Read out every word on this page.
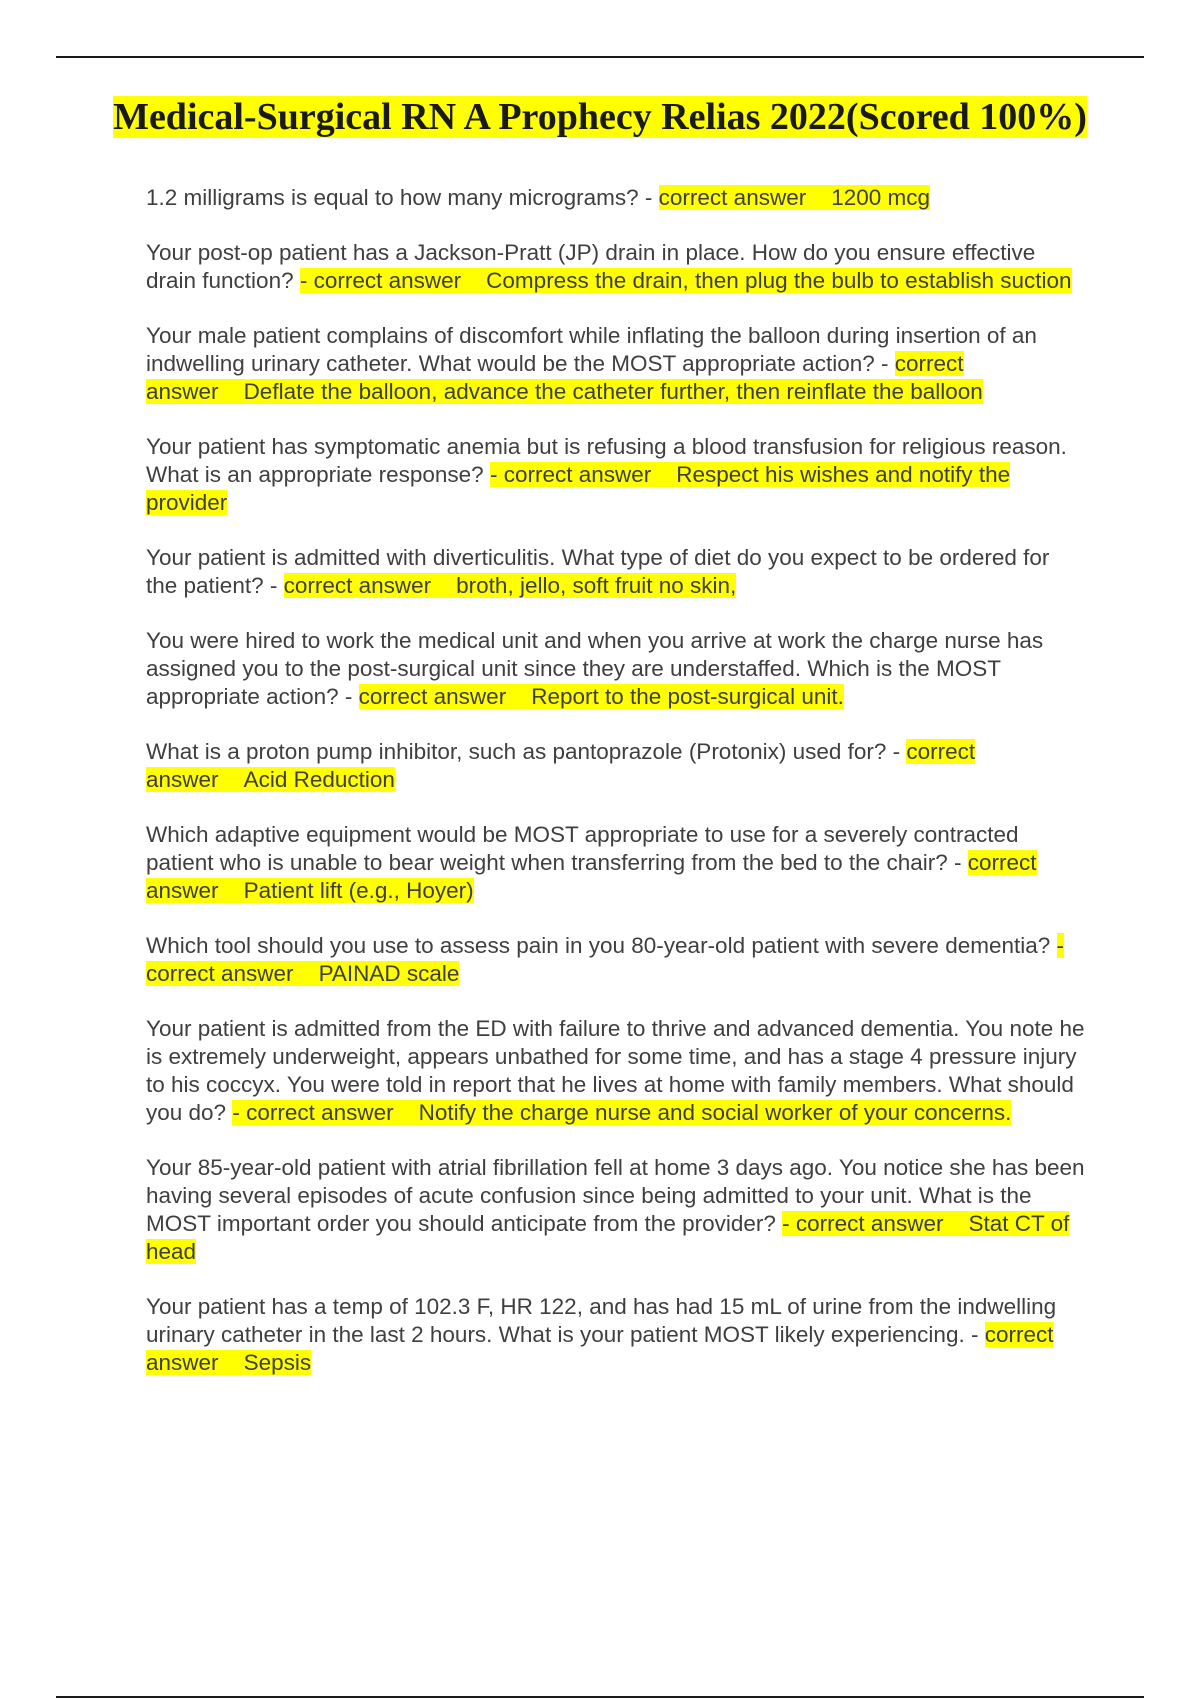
Medical-Surgical RN A Prophecy Relias 2022(Scored 100%)

1.2 milligrams is equal to how many micrograms? - correct answer 1200 mcg

Your post-op patient has a Jackson-Pratt (JP) drain in place. How do you ensure effective drain function? - correct answer Compress the drain, then plug the bulb to establish suction

Your male patient complains of discomfort while inflating the balloon during insertion of an indwelling urinary catheter. What would be the MOST appropriate action? - correct answer Deflate the balloon, advance the catheter further, then reinflate the balloon

Your patient has symptomatic anemia but is refusing a blood transfusion for religious reason. What is an appropriate response? - correct answer Respect his wishes and notify the provider

Your patient is admitted with diverticulitis. What type of diet do you expect to be ordered for the patient? - correct answer broth, jello, soft fruit no skin,

You were hired to work the medical unit and when you arrive at work the charge nurse has assigned you to the post-surgical unit since they are understaffed. Which is the MOST appropriate action? - correct answer Report to the post-surgical unit.

What is a proton pump inhibitor, such as pantoprazole (Protonix) used for? - correct answer Acid Reduction

Which adaptive equipment would be MOST appropriate to use for a severely contracted patient who is unable to bear weight when transferring from the bed to the chair? - correct answer Patient lift (e.g., Hoyer)

Which tool should you use to assess pain in you 80-year-old patient with severe dementia? - correct answer PAINAD scale

Your patient is admitted from the ED with failure to thrive and advanced dementia. You note he is extremely underweight, appears unbathed for some time, and has a stage 4 pressure injury to his coccyx. You were told in report that he lives at home with family members. What should you do? - correct answer Notify the charge nurse and social worker of your concerns.

Your 85-year-old patient with atrial fibrillation fell at home 3 days ago. You notice she has been having several episodes of acute confusion since being admitted to your unit. What is the MOST important order you should anticipate from the provider? - correct answer Stat CT of head

Your patient has a temp of 102.3 F, HR 122, and has had 15 mL of urine from the indwelling urinary catheter in the last 2 hours. What is your patient MOST likely experiencing. - correct answer Sepsis
